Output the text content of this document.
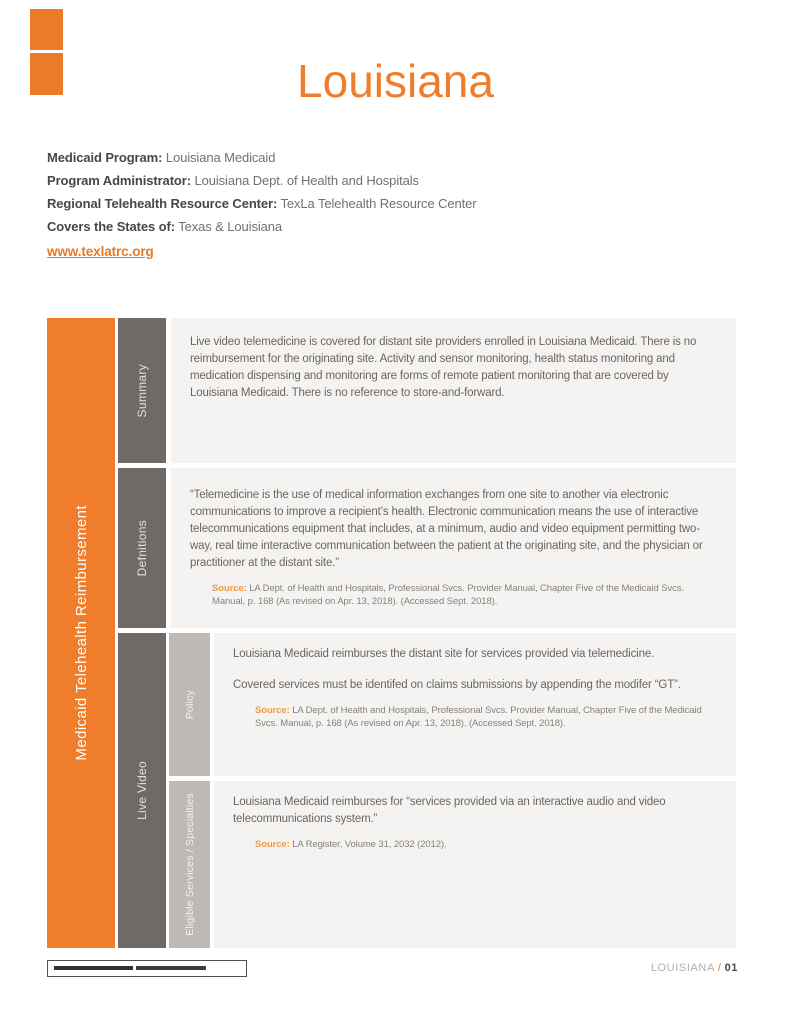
Louisiana

Medicaid Program: Louisiana Medicaid

Program Administrator: Louisiana Dept. of Health and Hospitals

Regional Telehealth Resource Center: TexLa Telehealth Resource Center

Covers the States of: Texas & Louisiana

www.texlatrc.org
Medicaid Telehealth Reimbursement
Summary

Live video telemedicine is covered for distant site providers enrolled in Louisiana Medicaid. There is no reimbursement for the originating site. Activity and sensor monitoring, health status monitoring and medication dispensing and monitoring are forms of remote patient monitoring that are covered by Louisiana Medicaid. There is no reference to store-and-forward.

Defnitions

“Telemedicine is the use of medical information exchanges from one site to another via electronic communications to improve a recipient’s health. Electronic communication means the use of interactive telecommunications equipment that includes, at a minimum, audio and video equipment permitting two-way, real time interactive communication between the patient at the originating site, and the physician or practitioner at the distant site.”

Source: LA Dept. of Health and Hospitals, Professional Svcs. Provider Manual, Chapter Five of the Medicaid Svcs. Manual, p. 168 (As revised on Apr. 13, 2018). (Accessed Sept. 2018).

Live Video
Policy

Louisiana Medicaid reimburses the distant site for services provided via telemedicine.

Covered services must be identifed on claims submissions by appending the modifer “GT”.

Source: LA Dept. of Health and Hospitals, Professional Svcs. Provider Manual, Chapter Five of the Medicaid Svcs. Manual, p. 168 (As revised on Apr. 13, 2018). (Accessed Sept. 2018).

Eligible Services / Specialties	Louisiana Medicaid reimburses for “services provided via an interactive audio and video telecommunications system.”

Source: LA Register, Volume 31, 2032 (2012).

LOUISIANA / 01
